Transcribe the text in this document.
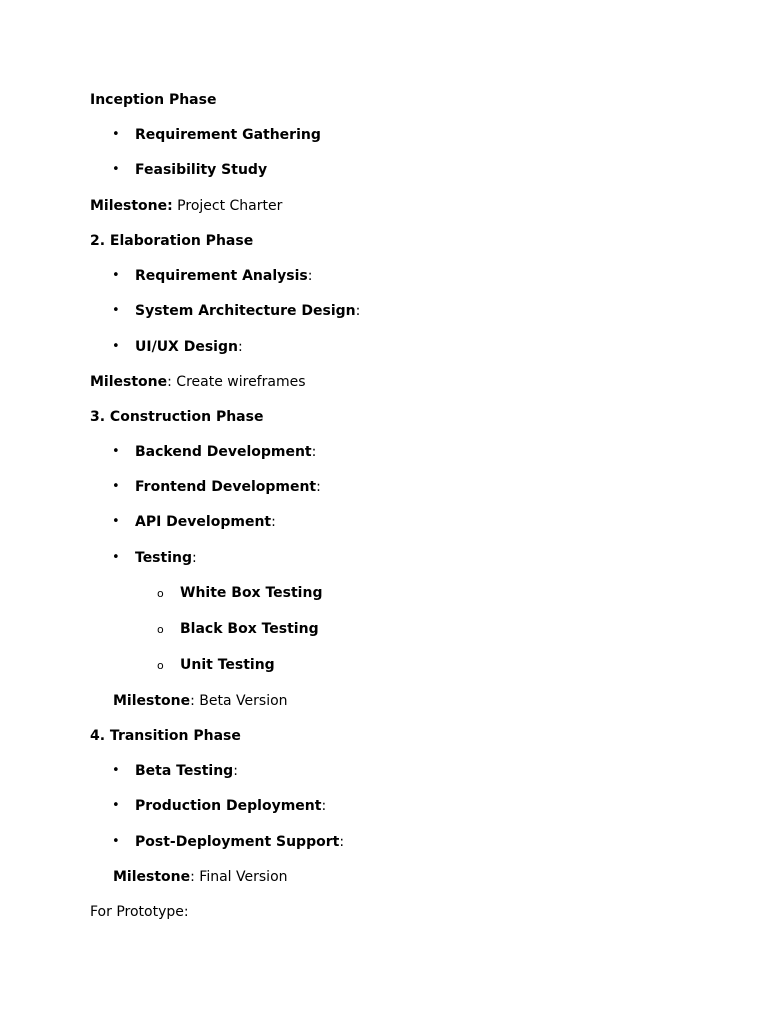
Inception Phase
• Requirement Gathering
• Feasibility Study
Milestone: Project Charter
2. Elaboration Phase
• Requirement Analysis:
• System Architecture Design:
• UI/UX Design:
Milestone: Create wireframes
3. Construction Phase
• Backend Development:
• Frontend Development:
• API Development:
• Testing:
o White Box Testing
o Black Box Testing
o Unit Testing
Milestone: Beta Version
4. Transition Phase
• Beta Testing:
• Production Deployment:
• Post-Deployment Support:
Milestone: Final Version
For Prototype:
